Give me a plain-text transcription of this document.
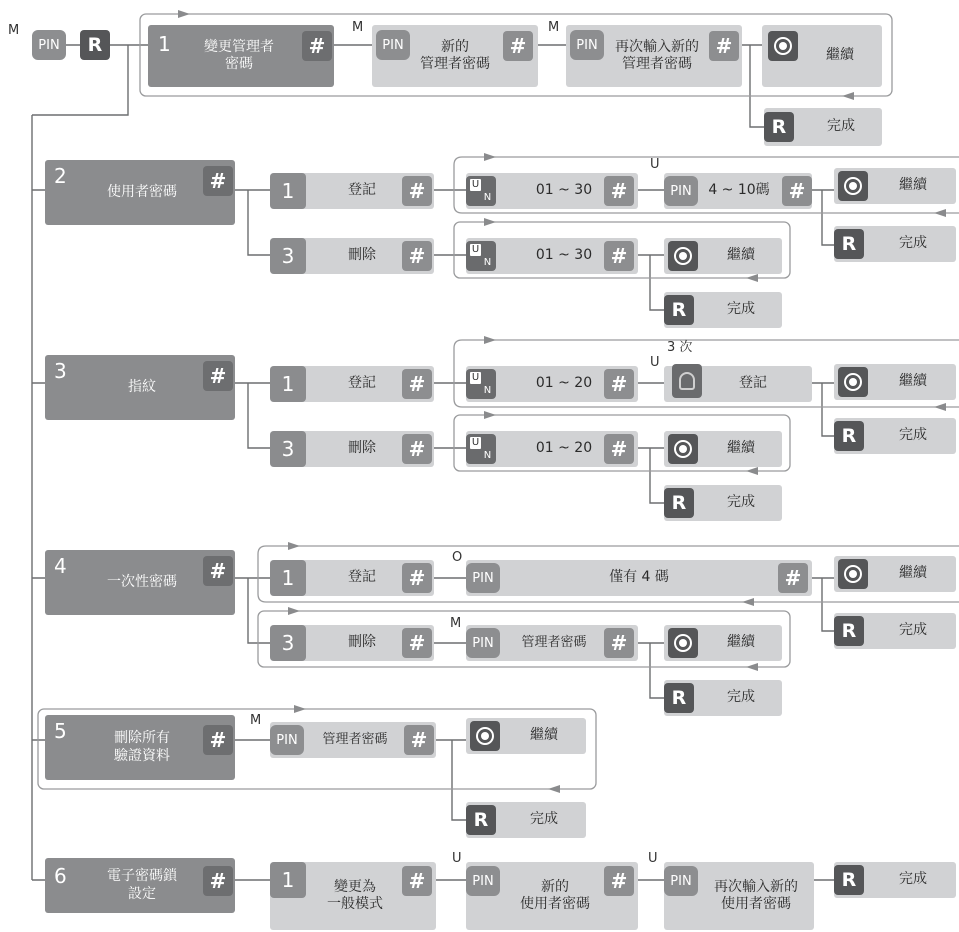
M
PIN	R	變更管理者
密碼
1	#
M
新的
管理者密碼
PIN	#
M
再次輸入新的
管理者密碼
PIN	#	繼續
完成
R
使用者密碼
2	#	登記
1	#	01 ~ 30
U
N	#
U
4 ~ 10碼
PIN	#	繼續
完成
R
刪除
3	#	01 ~ 30
U
N	#	繼續
完成
R
指紋
3	#	登記
1	#	01 ~ 20
U
N	#
U
3 次
登記	繼續
完成
R
刪除
3	#	01 ~ 20
U
N	#	繼續
完成
R
一次性密碼
4	#	登記
1	#
O
僅有 4 碼
PIN	#	繼續
完成
R
刪除
3	#
M
管理者密碼
PIN	#	繼續
完成
R
刪除所有
驗證資料
5	#
M
管理者密碼
PIN	#	繼續
完成
R
電子密碼鎖
設定
6	#	變更為
一般模式
1	#
U
新的
使用者密碼
PIN	#
U
再次輸入新的
使用者密碼
PIN	完成
R
